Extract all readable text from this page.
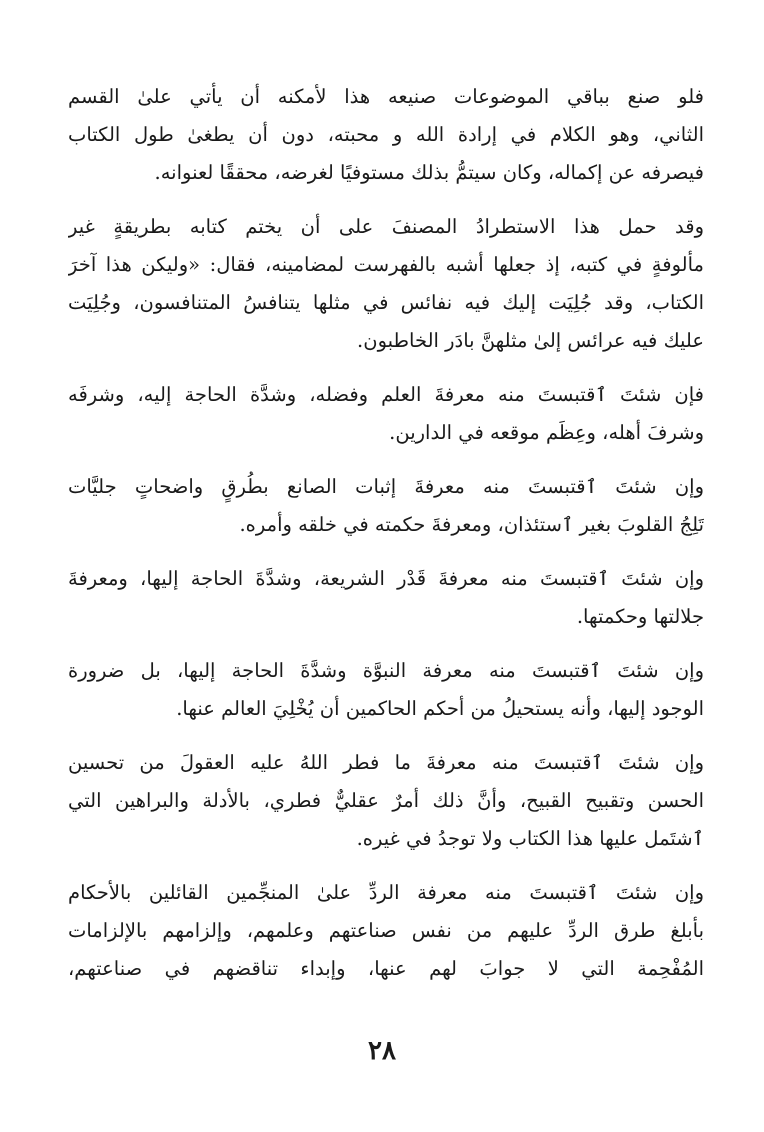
فلو صنع بباقي الموضوعات صنيعه هذا لأمكنه أن يأتي علىٰ القسم
الثاني، وهو الكلام في إرادة الله و محبته، دون أن يطغىٰ طول الكتاب
فيصرفه عن إكماله، وكان سيتمُّ بذلك مستوفيًا لغرضه، محققًا لعنوانه.

وقد حمل هذا الاستطرادُ المصنفَ على أن يختم كتابه بطريقةٍ غير
مألوفةٍ في كتبه، إذ جعلها أشبه بالفهرست لمضامينه، فقال: «وليكن هذا آخرَ
الكتاب، وقد جُلِيَت إليك فيه نفائس في مثلها يتنافسُ المتنافسون، وجُلِيَت
عليك فيه عرائس إلىٰ مثلهنَّ بادَر الخاطبون.

فإن شئتَ ٱقتبستَ منه معرفةَ العلم وفضله، وشدَّة الحاجة إليه، وشرفَه
وشرفَ أهله، وعِظَم موقعه في الدارين.

وإن شئتَ ٱقتبستَ منه معرفةَ إثبات الصانع بطُرقٍ واضحاتٍ جليَّات
تَلِجُ القلوبَ بغير ٱستئذان، ومعرفةَ حكمته في خلقه وأمره.

وإن شئتَ ٱقتبستَ منه معرفةَ قَدْر الشريعة، وشدَّةَ الحاجة إليها، ومعرفةَ
جلالتها وحكمتها.

وإن شئتَ ٱقتبستَ منه معرفة النبوَّة وشدَّةَ الحاجة إليها، بل ضرورة
الوجود إليها، وأنه يستحيلُ من أحكم الحاكمين أن يُخْلِيَ العالم عنها.

وإن شئتَ ٱقتبستَ منه معرفةَ ما فطر اللهُ عليه العقولَ من تحسين
الحسن وتقبيح القبيح، وأنَّ ذلك أمرٌ عقليٌّ فطري، بالأدلة والبراهين التي
ٱشتَمل عليها هذا الكتاب ولا توجدُ في غيره.

وإن شئتَ ٱقتبستَ منه معرفة الردِّ علىٰ المنجِّمين القائلين بالأحكام
بأبلغ طرق الردِّ عليهم من نفس صناعتهم وعلمهم، وإلزامهم بالإلزامات
المُفْحِمة التي لا جوابَ لهم عنها، وإبداء تناقضهم في صناعتهم،

٢٨
